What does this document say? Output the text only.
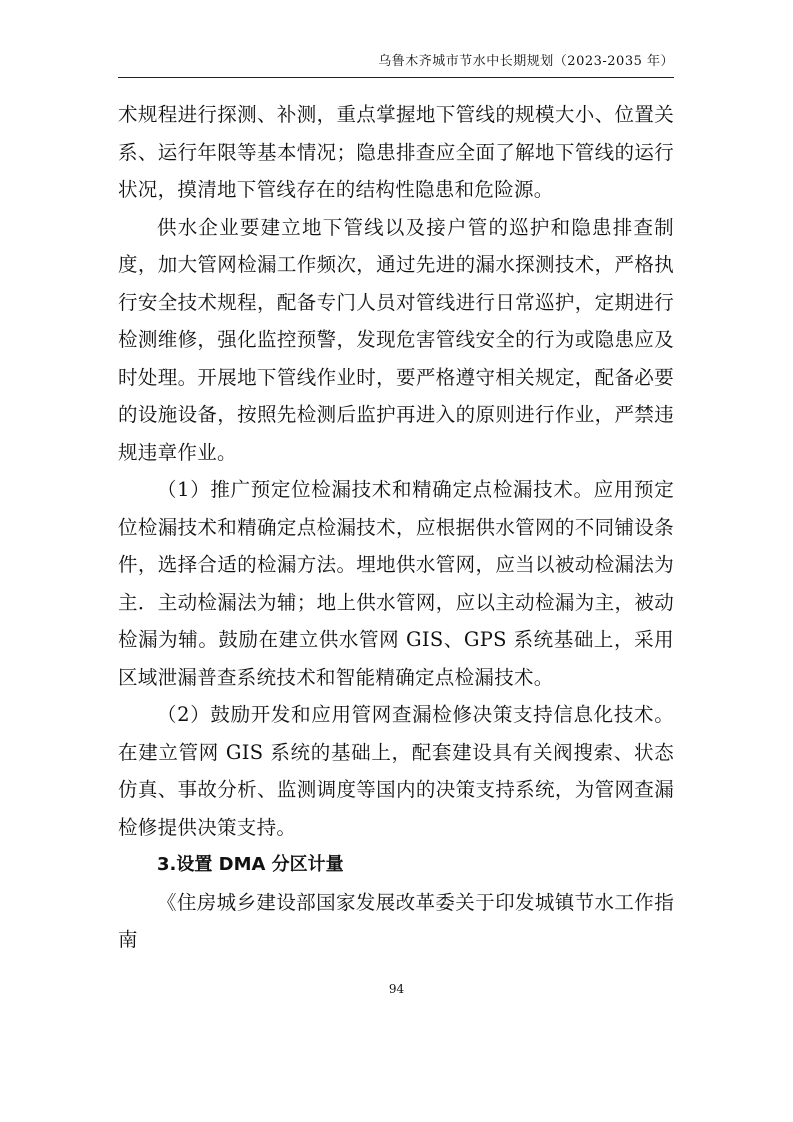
乌鲁木齐城市节水中长期规划（2023-2035 年）

术规程进行探测、补测，重点掌握地下管线的规模大小、位置关系、运行年限等基本情况；隐患排查应全面了解地下管线的运行状况，摸清地下管线存在的结构性隐患和危险源。

供水企业要建立地下管线以及接户管的巡护和隐患排查制度，加大管网检漏工作频次，通过先进的漏水探测技术，严格执行安全技术规程，配备专门人员对管线进行日常巡护，定期进行检测维修，强化监控预警，发现危害管线安全的行为或隐患应及时处理。开展地下管线作业时，要严格遵守相关规定，配备必要的设施设备，按照先检测后监护再进入的原则进行作业，严禁违规违章作业。

（1）推广预定位检漏技术和精确定点检漏技术。应用预定位检漏技术和精确定点检漏技术，应根据供水管网的不同铺设条件，选择合适的检漏方法。埋地供水管网，应当以被动检漏法为主．主动检漏法为辅；地上供水管网，应以主动检漏为主，被动检漏为辅。鼓励在建立供水管网 GIS、GPS 系统基础上，采用区域泄漏普查系统技术和智能精确定点检漏技术。

（2）鼓励开发和应用管网查漏检修决策支持信息化技术。在建立管网 GIS 系统的基础上，配套建设具有关阀搜索、状态仿真、事故分析、监测调度等国内的决策支持系统，为管网查漏检修提供决策支持。

3.设置 DMA 分区计量

《住房城乡建设部国家发展改革委关于印发城镇节水工作指南

94
